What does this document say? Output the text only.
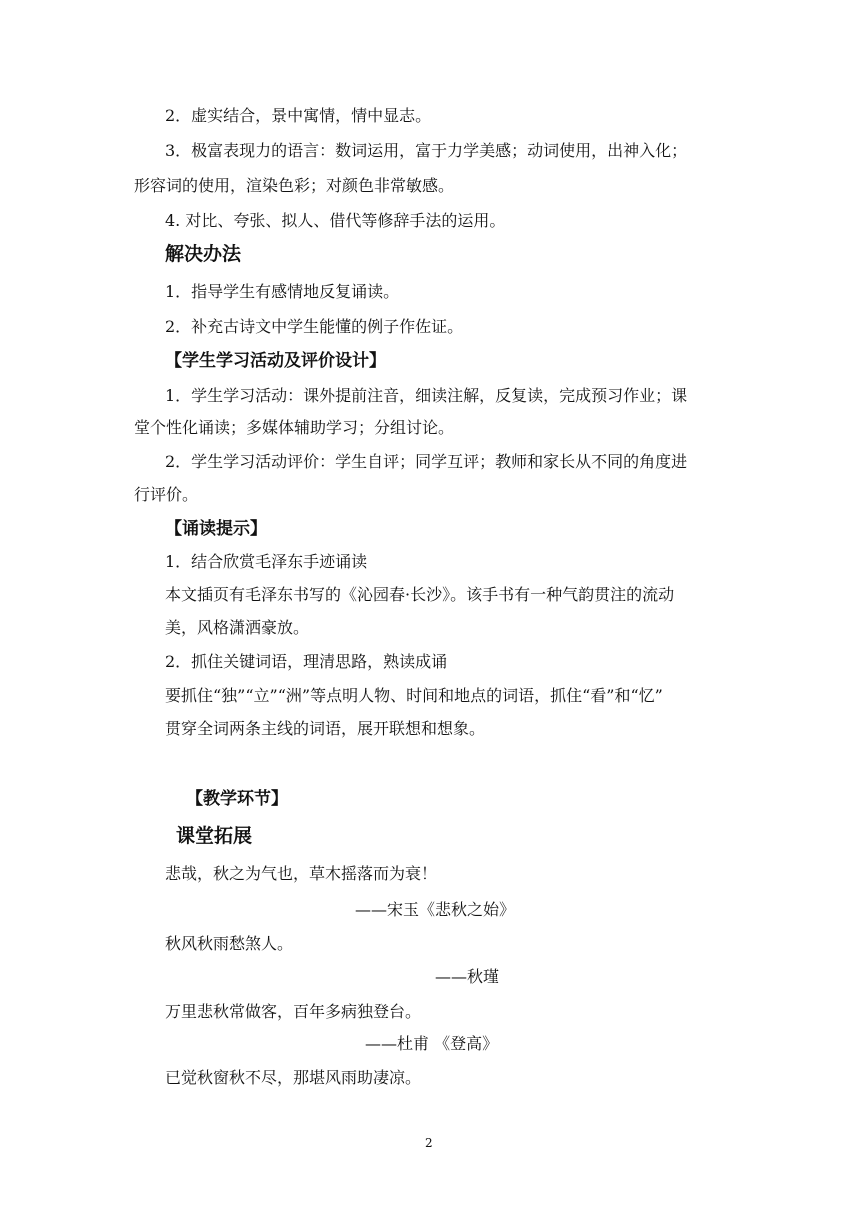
2．虚实结合，景中寓情，情中显志。
3．极富表现力的语言：数词运用，富于力学美感；动词使用，出神入化；
形容词的使用，渲染色彩；对颜色非常敏感。
4. 对比、夸张、拟人、借代等修辞手法的运用。
解决办法
1．指导学生有感情地反复诵读。
2．补充古诗文中学生能懂的例子作佐证。
【学生学习活动及评价设计】
1．学生学习活动：课外提前注音，细读注解，反复读，完成预习作业；课
堂个性化诵读；多媒体辅助学习；分组讨论。
2．学生学习活动评价：学生自评；同学互评；教师和家长从不同的角度进
行评价。
【诵读提示】
1．结合欣赏毛泽东手迹诵读
本文插页有毛泽东书写的《沁园春·长沙》。该手书有一种气韵贯注的流动
美，风格潇洒豪放。
2．抓住关键词语，理清思路，熟读成诵
要抓住“独”“立”“洲”等点明人物、时间和地点的词语，抓住“看”和“忆”
贯穿全词两条主线的词语，展开联想和想象。
【教学环节】
课堂拓展
悲哉，秋之为气也，草木摇落而为衰！
——宋玉《悲秋之始》
秋风秋雨愁煞人。
——秋瑾
万里悲秋常做客，百年多病独登台。
——杜甫 《登高》
已觉秋窗秋不尽，那堪风雨助凄凉。
2
